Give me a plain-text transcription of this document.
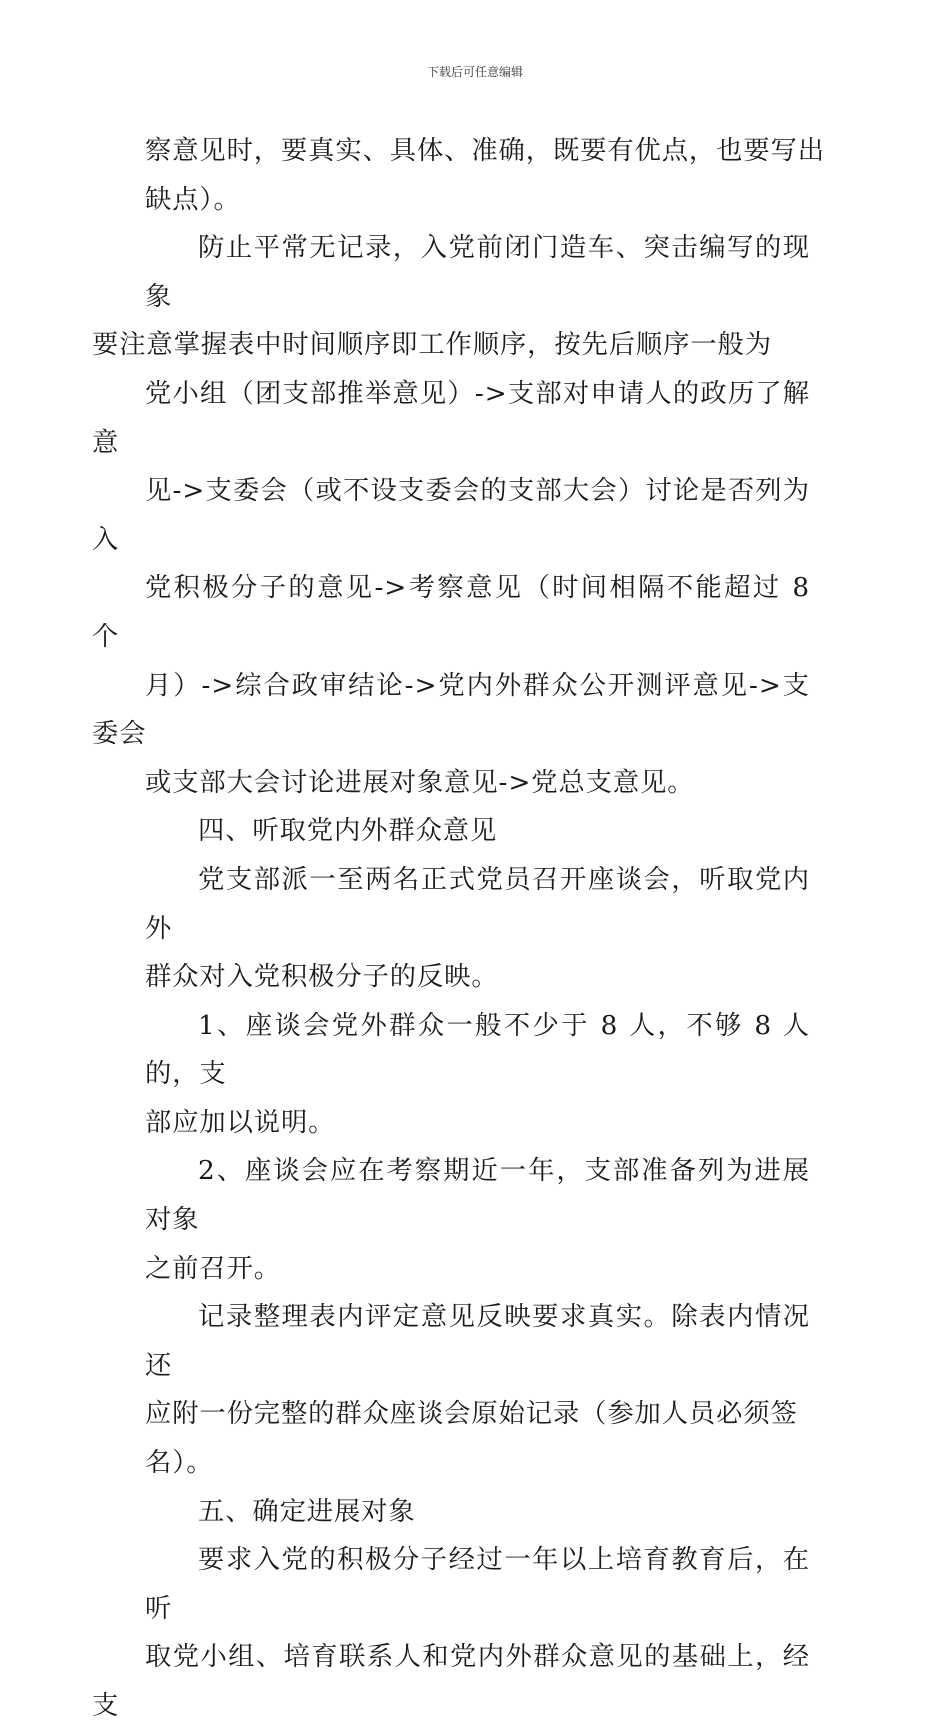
下载后可任意编辑

察意见时，要真实、具体、准确，既要有优点，也要写出
缺点）。

防止平常无记录，入党前闭门造车、突击编写的现象
要注意掌握表中时间顺序即工作顺序，按先后顺序一般为
党小组（团支部推举意见）->支部对申请人的政历了解意
见->支委会（或不设支委会的支部大会）讨论是否列为入
党积极分子的意见->考察意见（时间相隔不能超过 8 个
月）->综合政审结论->党内外群众公开测评意见->支委会
或支部大会讨论进展对象意见->党总支意见。

四、听取党内外群众意见

党支部派一至两名正式党员召开座谈会，听取党内外
群众对入党积极分子的反映。

1、座谈会党外群众一般不少于 8 人，不够 8 人的，支
部应加以说明。

2、座谈会应在考察期近一年，支部准备列为进展对象
之前召开。

记录整理表内评定意见反映要求真实。除表内情况还
应附一份完整的群众座谈会原始记录（参加人员必须签
名）。

五、确定进展对象

要求入党的积极分子经过一年以上培育教育后，在听
取党小组、培育联系人和党内外群众意见的基础上，经支
